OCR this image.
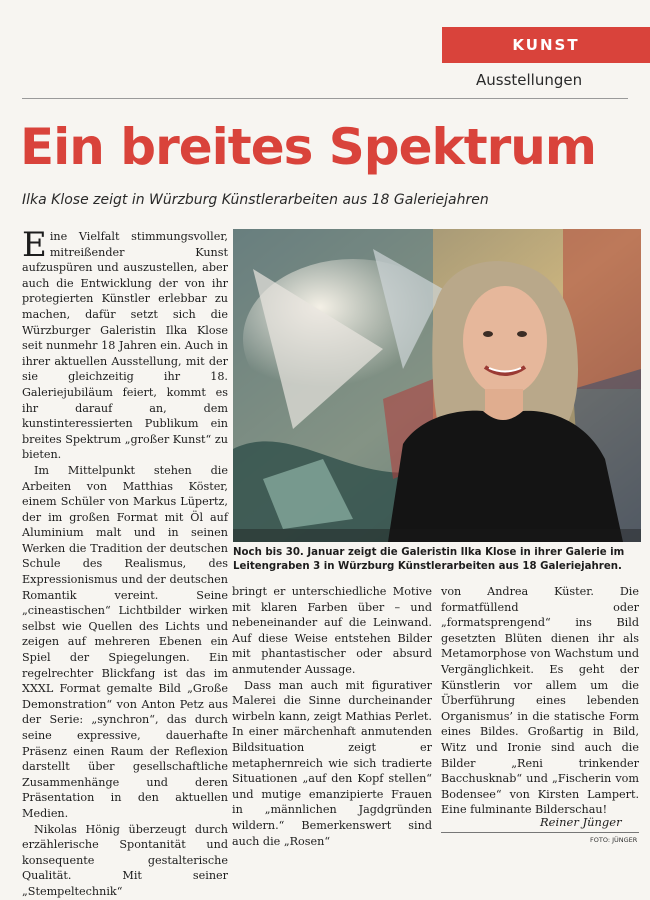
KUNST
Ausstellungen
Ein breites Spektrum
Ilka Klose zeigt in Würzburg Künstlerarbeiten aus 18 Galeriejahren

Eine Vielfalt stimmungsvoller, mitreißender Kunst aufzuspüren und auszustellen, aber auch die Entwicklung der von ihr protegierten Künstler erlebbar zu machen, dafür setzt sich die Würzburger Galeristin Ilka Klose seit nunmehr 18 Jahren ein. Auch in ihrer aktuellen Ausstellung, mit der sie gleichzeitig ihr 18. Galeriejubiläum feiert, kommt es ihr darauf an, dem kunstinteressierten Publikum ein breites Spektrum „großer Kunst“ zu bieten.

Im Mittelpunkt stehen die Arbeiten von Matthias Köster, einem Schüler von Markus Lüpertz, der im großen Format mit Öl auf Aluminium malt und in seinen Werken die Tradition der deutschen Schule des Realismus, des Expressionismus und der deutschen Romantik vereint. Seine „cineastischen“ Lichtbilder wirken selbst wie Quellen des Lichts und zeigen auf mehreren Ebenen ein Spiel der Spiegelungen. Ein regelrechter Blickfang ist das im XXXL Format gemalte Bild „Große Demonstration“ von Anton Petz aus der Serie: „synchron“, das durch seine expressive, dauerhafte Präsenz einen Raum der Reflexion darstellt über gesellschaftliche Zusammenhänge und deren Präsentation in den aktuellen Medien.

Nikolas Hönig überzeugt durch erzählerische Spontanität und konsequente gestalterische Qualität. Mit seiner „Stempeltechnik“

Noch bis 30. Januar zeigt die Galeristin Ilka Klose in ihrer Galerie im Leitengraben 3 in Würzburg Künstlerarbeiten aus 18 Galeriejahren.

bringt er unterschiedliche Motive mit klaren Farben über – und nebeneinander auf die Leinwand. Auf diese Weise entstehen Bilder mit phantastischer oder absurd anmutender Aussage.

Dass man auch mit figurativer Malerei die Sinne durcheinander wirbeln kann, zeigt Mathias Perlet. In einer märchenhaft anmutenden Bildsituation zeigt er metaphernreich wie sich tradierte Situationen „auf den Kopf stellen“ und mutige emanzipierte Frauen in „männlichen Jagdgründen wildern.“ Bemerkenswert sind auch die „Rosen“

von Andrea Küster. Die formatfüllend oder „formatsprengend“ ins Bild gesetzten Blüten dienen ihr als Metamorphose von Wachstum und Vergänglichkeit. Es geht der Künstlerin vor allem um die Überführung eines lebenden Organismus’ in die statische Form eines Bildes. Großartig in Bild, Witz und Ironie sind auch die Bilder „Reni trinkender Bacchusknab“ und „Fischerin vom Bodensee“ von Kirsten Lampert. Eine fulminante Bilderschau!

Reiner Jünger
FOTO: JÜNGER
